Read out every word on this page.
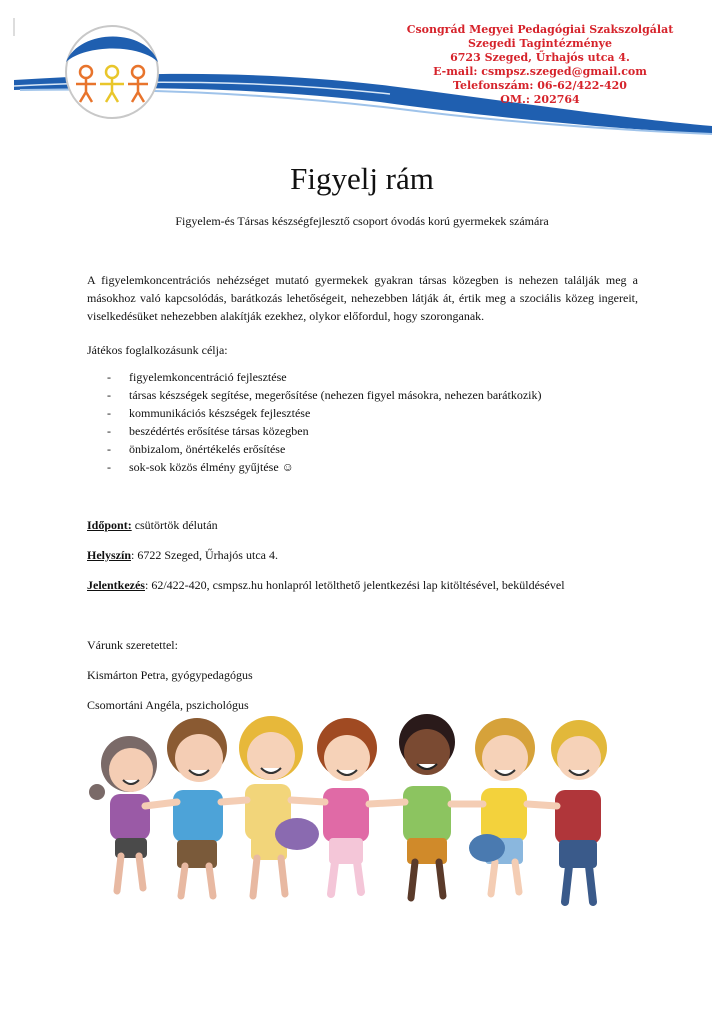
Csongrád Megyei Pedagógiai Szakszolgálat
Szegedi Tagintézménye
6723 Szeged, Űrhajós utca 4.
E-mail: csmpsz.szeged@gmail.com
Telefonszám: 06-62/422-420
OM.: 202764
Figyelj rám
Figyelem-és Társas készségfejlesztő csoport óvodás korú gyermekek számára
A figyelemkoncentrációs nehézséget mutató gyermekek gyakran társas közegben is nehezen találják meg a másokhoz való kapcsolódás, barátkozás lehetőségeit, nehezebben látják át, értik meg a szociális közeg ingereit, viselkedésüket nehezebben alakítják ezekhez, olykor előfordul, hogy szoronganak.
Játékos foglalkozásunk célja:
- figyelemkoncentráció fejlesztése
- társas készségek segítése, megerősítése (nehezen figyel másokra, nehezen barátkozik)
- kommunikációs készségek fejlesztése
- beszédértés erősítése társas közegben
- önbizalom, önértékelés erősítése
- sok-sok közös élmény gyűjtése ☺
Időpont: csütörtök délután
Helyszín: 6722 Szeged, Űrhajós utca 4.
Jelentkezés: 62/422-420, csmpsz.hu honlapról letölthető jelentkezési lap kitöltésével, beküldésével
Várunk szeretettel:
Kismárton Petra, gyógypedagógus
Csomortáni Angéla, pszichológus
